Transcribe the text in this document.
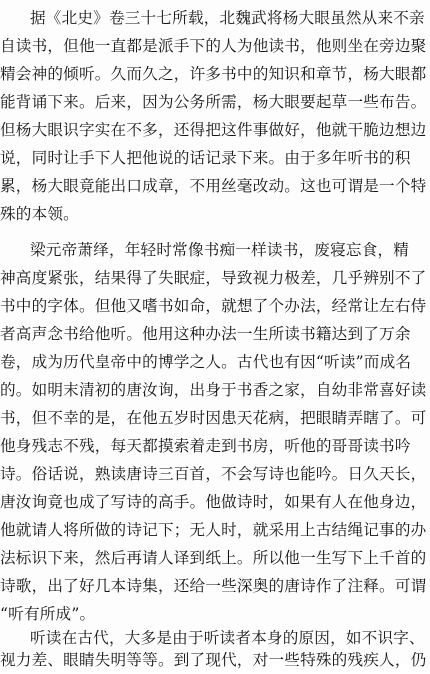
据《北史》卷三十七所载，北魏武将杨大眼虽然从来不亲
自读书，但他一直都是派手下的人为他读书，他则坐在旁边聚
精会神的倾听。久而久之，许多书中的知识和章节，杨大眼都
能背诵下来。后来，因为公务所需，杨大眼要起草一些布告。
但杨大眼识字实在不多，还得把这件事做好，他就干脆边想边
说，同时让手下人把他说的话记录下来。由于多年听书的积
累，杨大眼竟能出口成章，不用丝毫改动。这也可谓是一个特
殊的本领。
梁元帝萧绎，年轻时常像书痴一样读书，废寝忘食，精
神高度紧张，结果得了失眠症，导致视力极差，几乎辨别不了
书中的字体。但他又嗜书如命，就想了个办法，经常让左右侍
者高声念书给他听。他用这种办法一生所读书籍达到了万余
卷，成为历代皇帝中的博学之人。古代也有因“听读”而成名
的。如明末清初的唐汝询，出身于书香之家，自幼非常喜好读
书，但不幸的是，在他五岁时因患天花病，把眼睛弄瞎了。可
他身残志不残，每天都摸索着走到书房，听他的哥哥读书吟
诗。俗话说，熟读唐诗三百首，不会写诗也能吟。日久天长，
唐汝询竟也成了写诗的高手。他做诗时，如果有人在他身边，
他就请人将所做的诗记下；无人时，就采用上古结绳记事的办
法标识下来，然后再请人译到纸上。所以他一生写下上千首的
诗歌，出了好几本诗集，还给一些深奥的唐诗作了注释。可谓
“听有所成”。
听读在古代，大多是由于听读者本身的原因，如不识字、
视力差、眼睛失明等等。到了现代，对一些特殊的残疾人，仍
